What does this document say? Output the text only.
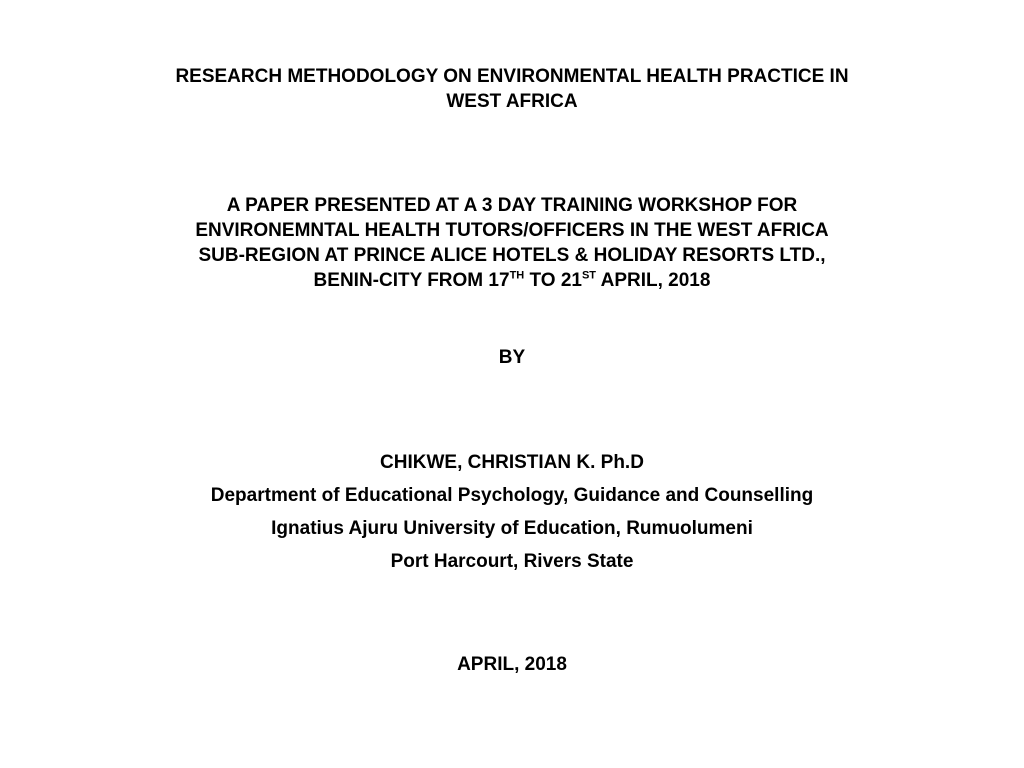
RESEARCH METHODOLOGY ON ENVIRONMENTAL HEALTH PRACTICE IN
WEST AFRICA
A PAPER PRESENTED AT A 3 DAY TRAINING WORKSHOP FOR
ENVIRONEMNTAL HEALTH TUTORS/OFFICERS IN THE WEST AFRICA
SUB-REGION AT PRINCE ALICE HOTELS & HOLIDAY RESORTS LTD.,
BENIN-CITY FROM 17TH TO 21ST APRIL, 2018
BY
CHIKWE, CHRISTIAN K. Ph.D
Department of Educational Psychology, Guidance and Counselling
Ignatius Ajuru University of Education, Rumuolumeni
Port Harcourt, Rivers State
APRIL, 2018
